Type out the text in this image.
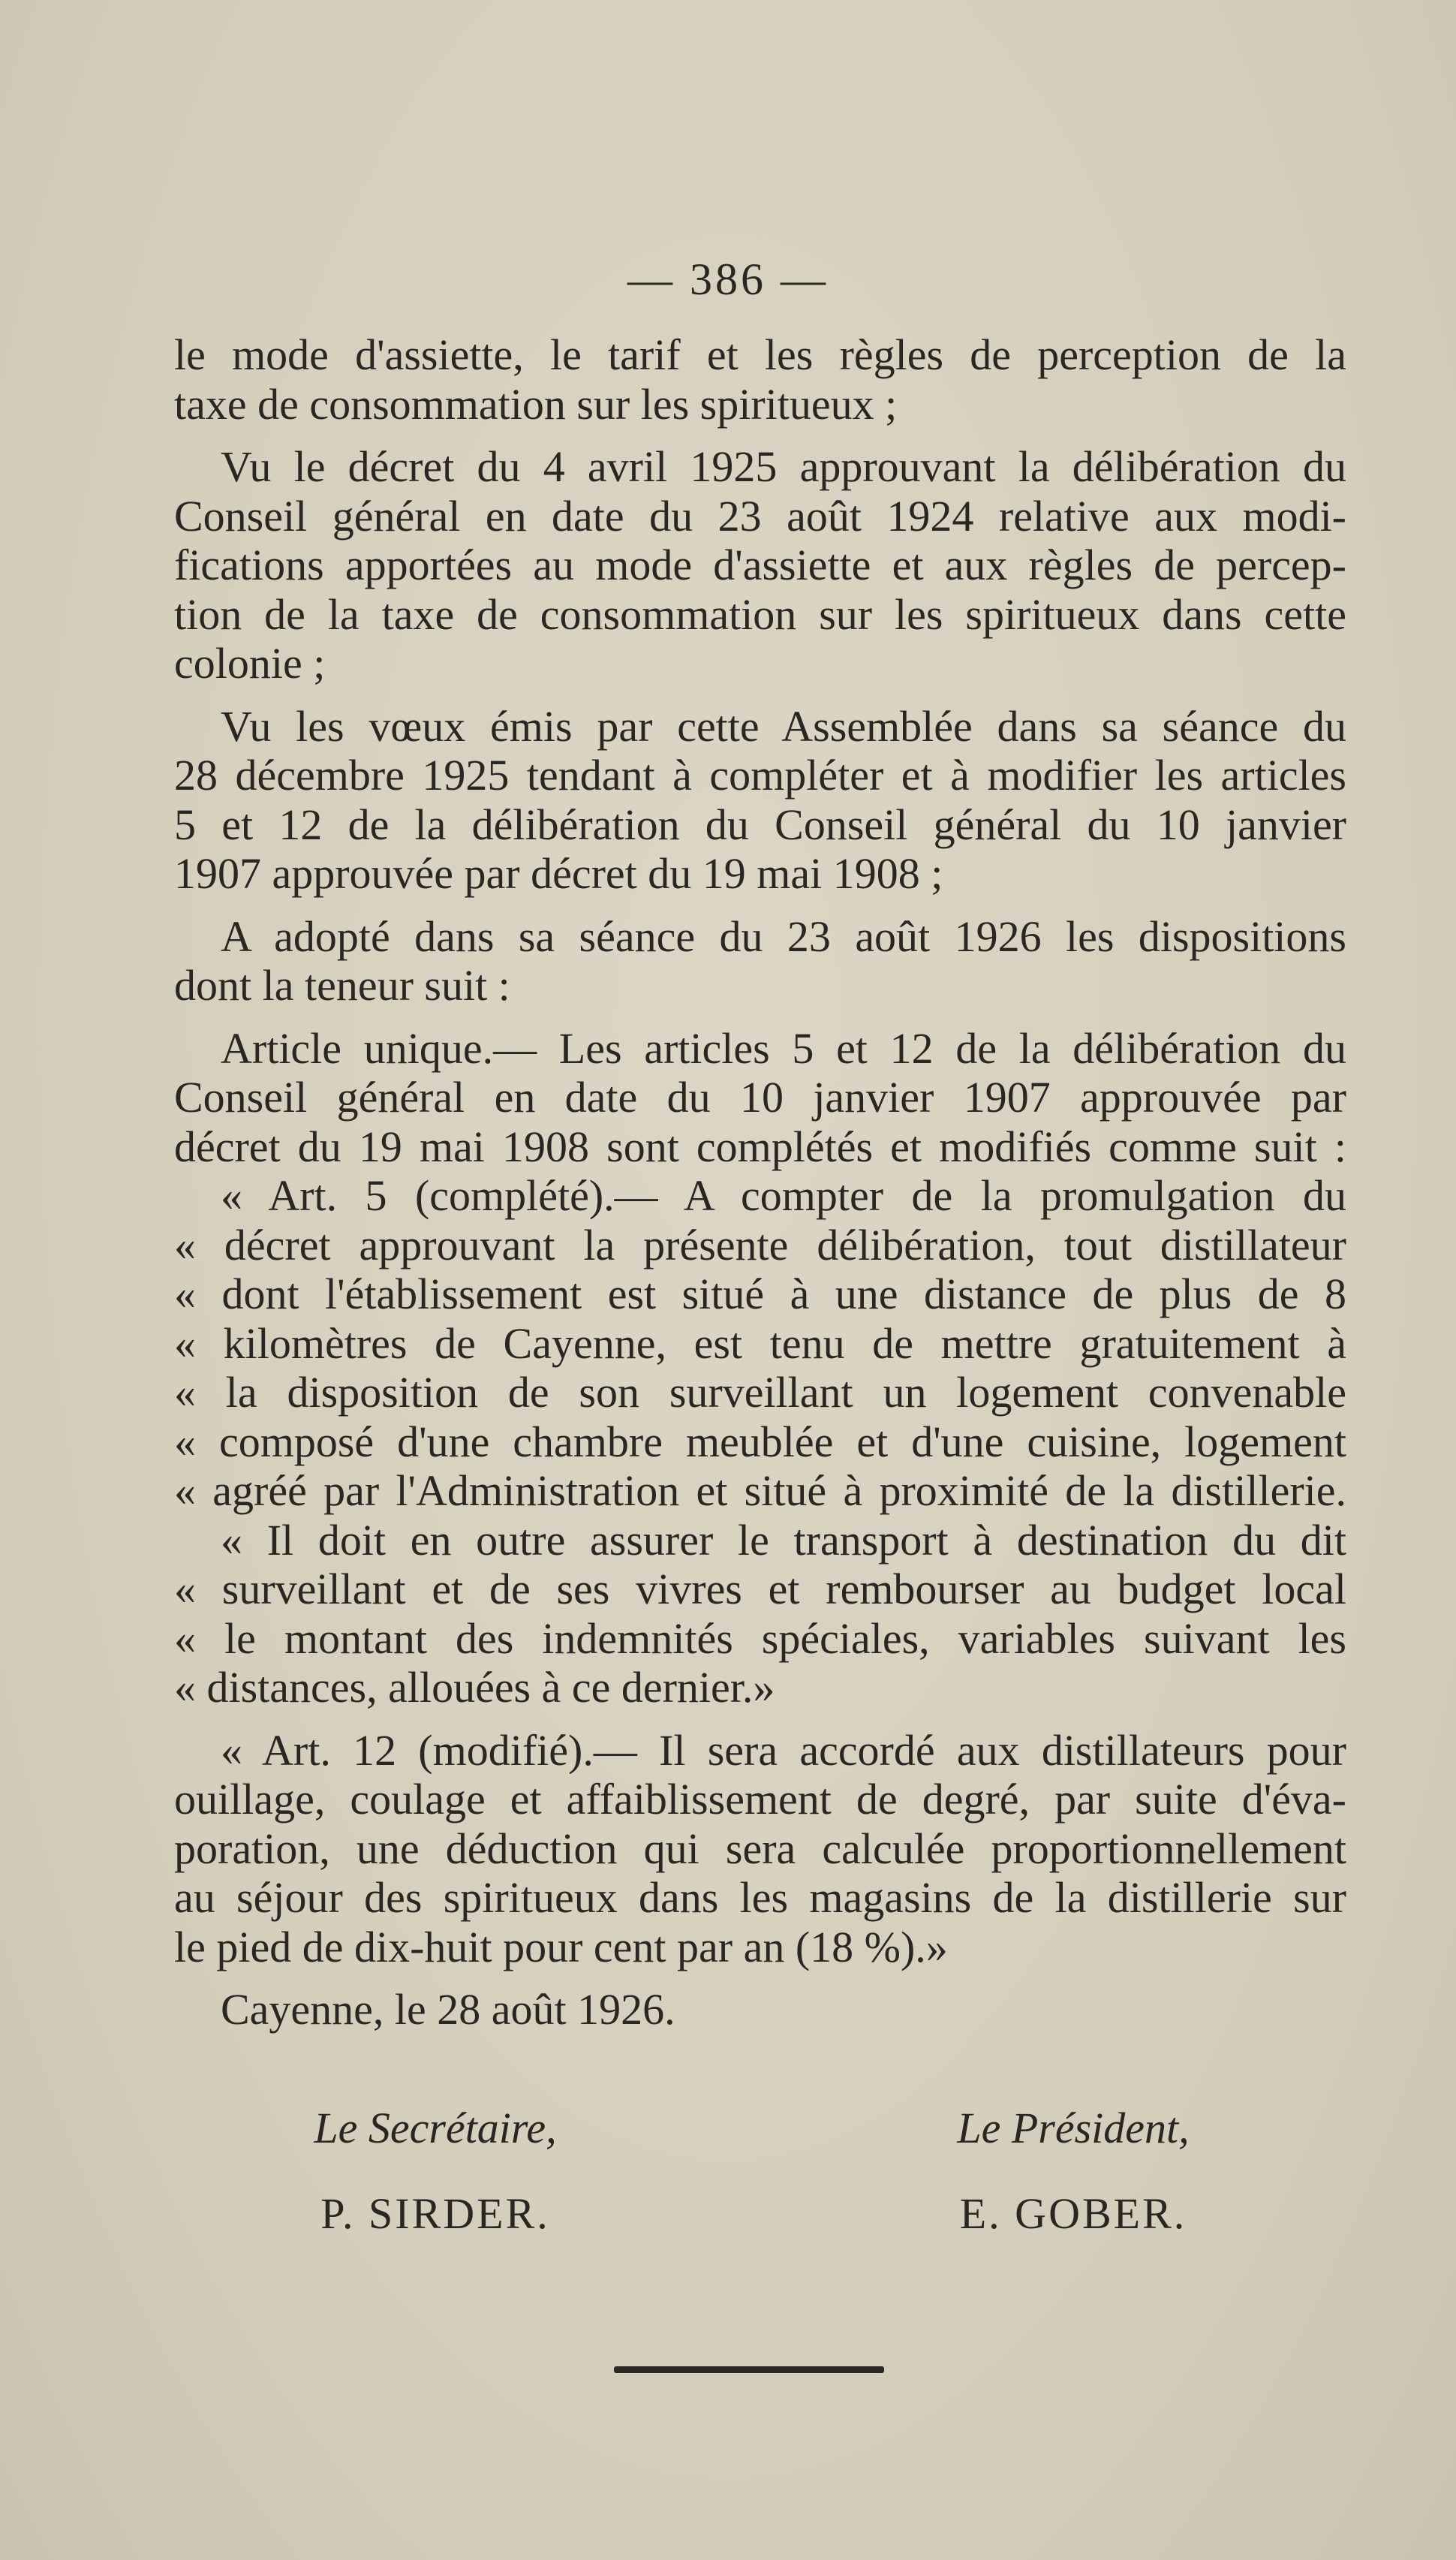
— 386 —

le mode d'assiette, le tarif et les règles de perception de la
taxe de consommation sur les spiritueux ;

Vu le décret du 4 avril 1925 approuvant la délibération du
Conseil général en date du 23 août 1924 relative aux modi-
fications apportées au mode d'assiette et aux règles de percep-
tion de la taxe de consommation sur les spiritueux dans cette
colonie ;

Vu les vœux émis par cette Assemblée dans sa séance du
28 décembre 1925 tendant à compléter et à modifier les articles
5 et 12 de la délibération du Conseil général du 10 janvier
1907 approuvée par décret du 19 mai 1908 ;

A adopté dans sa séance du 23 août 1926 les dispositions
dont la teneur suit :

Article unique.— Les articles 5 et 12 de la délibération du
Conseil général en date du 10 janvier 1907 approuvée par
décret du 19 mai 1908 sont complétés et modifiés comme suit :
« Art. 5 (complété).— A compter de la promulgation du
« décret approuvant la présente délibération, tout distillateur
« dont l'établissement est situé à une distance de plus de 8
« kilomètres de Cayenne, est tenu de mettre gratuitement à
« la disposition de son surveillant un logement convenable
« composé d'une chambre meublée et d'une cuisine, logement
« agréé par l'Administration et situé à proximité de la distillerie.
« Il doit en outre assurer le transport à destination du dit
« surveillant et de ses vivres et rembourser au budget local
« le montant des indemnités spéciales, variables suivant les
« distances, allouées à ce dernier.»

« Art. 12 (modifié).— Il sera accordé aux distillateurs pour
ouillage, coulage et affaiblissement de degré, par suite d'éva-
poration, une déduction qui sera calculée proportionnellement
au séjour des spiritueux dans les magasins de la distillerie sur
le pied de dix-huit pour cent par an (18 %).»

Cayenne, le 28 août 1926.

Le Secrétaire,
P. SIRDER.
Le Président,
E. GOBER.
